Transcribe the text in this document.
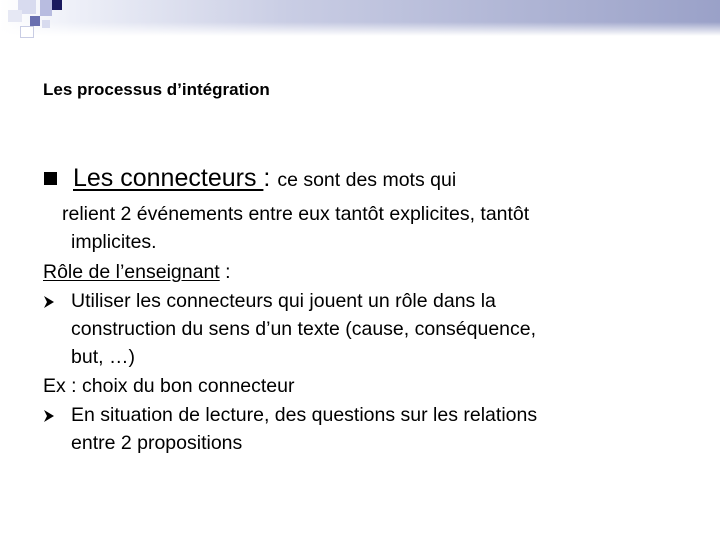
Les processus d’intégration
Les connecteurs : ce sont des mots qui
relient 2 événements entre eux tantôt explicites, tantôt
implicites.
Rôle de l’enseignant :
Utiliser les connecteurs qui jouent un rôle dans la
construction du sens d’un texte (cause, conséquence,
but, …)
Ex : choix du bon connecteur
En situation de lecture, des questions sur les relations
entre 2 propositions
